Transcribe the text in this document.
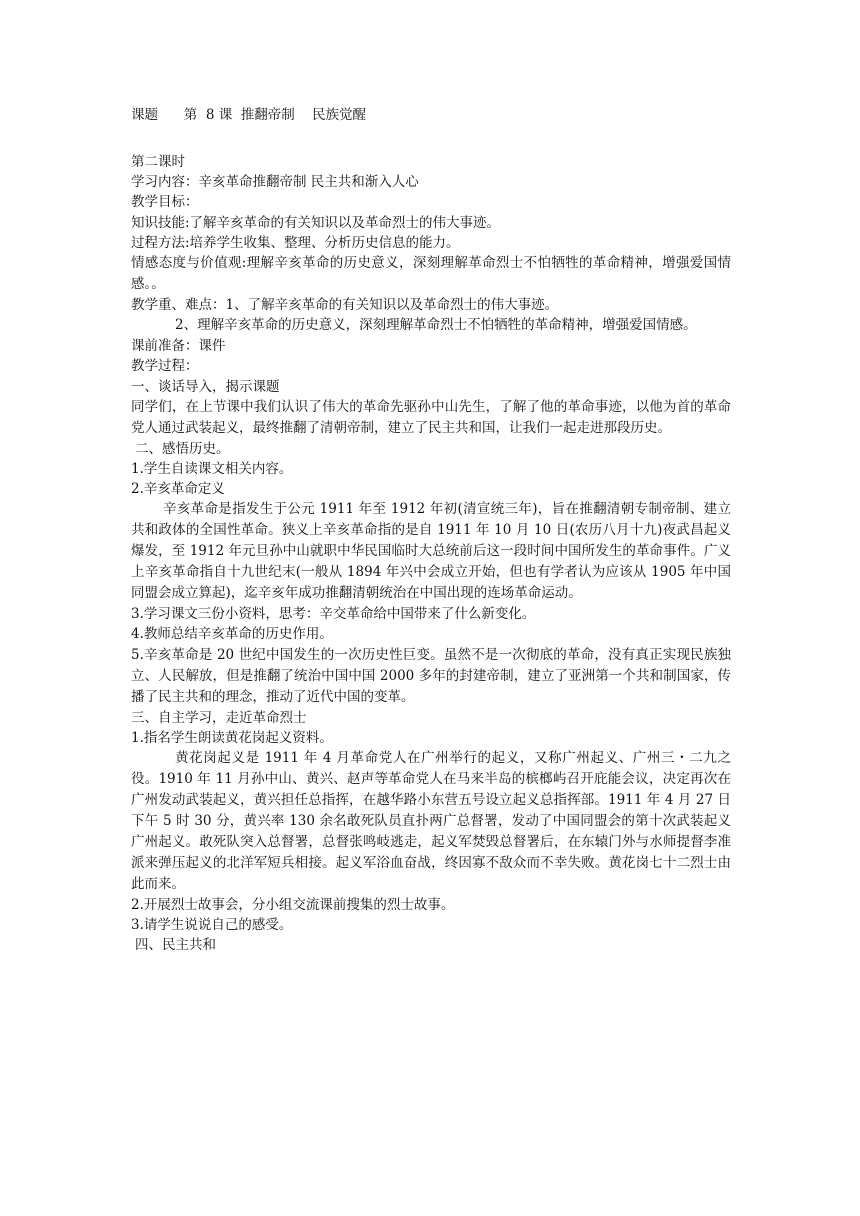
课题      第  8 课  推翻帝制    民族觉醒
第二课时
学习内容：辛亥革命推翻帝制 民主共和渐入人心
教学目标：
知识技能:了解辛亥革命的有关知识以及革命烈士的伟大事迹。
过程方法:培养学生收集、整理、分析历史信息的能力。
情感态度与价值观:理解辛亥革命的历史意义，深刻理解革命烈士不怕牺牲的革命精神，增强爱国情感。。
教学重、难点：1、了解辛亥革命的有关知识以及革命烈士的伟大事迹。
2、理解辛亥革命的历史意义，深刻理解革命烈士不怕牺牲的革命精神，增强爱国情感。
课前准备：课件
教学过程：
一、谈话导入，揭示课题
同学们，在上节课中我们认识了伟大的革命先驱孙中山先生，了解了他的革命事迹，以他为首的革命党人通过武装起义，最终推翻了清朝帝制，建立了民主共和国，让我们一起走进那段历史。
二、感悟历史。
1.学生自读课文相关内容。
2.辛亥革命定义
辛亥革命是指发生于公元 1911 年至 1912 年初(清宣统三年)，旨在推翻清朝专制帝制、建立共和政体的全国性革命。狭义上辛亥革命指的是自 1911 年 10 月 10 日(农历八月十九)夜武昌起义爆发，至 1912 年元旦孙中山就职中华民国临时大总统前后这一段时间中国所发生的革命事件。广义上辛亥革命指自十九世纪末(一般从 1894 年兴中会成立开始，但也有学者认为应该从 1905 年中国同盟会成立算起)，迄辛亥年成功推翻清朝统治在中国出现的连场革命运动。
3.学习课文三份小资料，思考：辛交革命给中国带来了什么新变化。
4.教师总结辛亥革命的历史作用。
5.辛亥革命是 20 世纪中国发生的一次历史性巨变。虽然不是一次彻底的革命，没有真正实现民族独立、人民解放，但是推翻了统治中国中国 2000 多年的封建帝制，建立了亚洲第一个共和制国家，传播了民主共和的理念，推动了近代中国的变革。
三、自主学习，走近革命烈士
1.指名学生朗读黄花岗起义资料。
黄花岗起义是 1911 年 4 月革命党人在广州举行的起义，又称广州起义、广州三・二九之役。1910 年 11 月孙中山、黄兴、赵声等革命党人在马来半岛的槟榔屿召开庇能会议，决定再次在广州发动武装起义，黄兴担任总指挥，在越华路小东营五号设立起义总指挥部。1911 年 4 月 27 日下午 5 时 30 分，黄兴率 130 余名敢死队员直扑两广总督署，发动了中国同盟会的第十次武装起义广州起义。敢死队突入总督署，总督张鸣岐逃走，起义军焚毁总督署后，在东辕门外与水师提督李准派来弹压起义的北洋军短兵相接。起义军浴血奋战，终因寡不敌众而不幸失败。黄花岗七十二烈士由此而来。
2.开展烈士故事会，分小组交流课前搜集的烈士故事。
3.请学生说说自己的感受。
四、民主共和
